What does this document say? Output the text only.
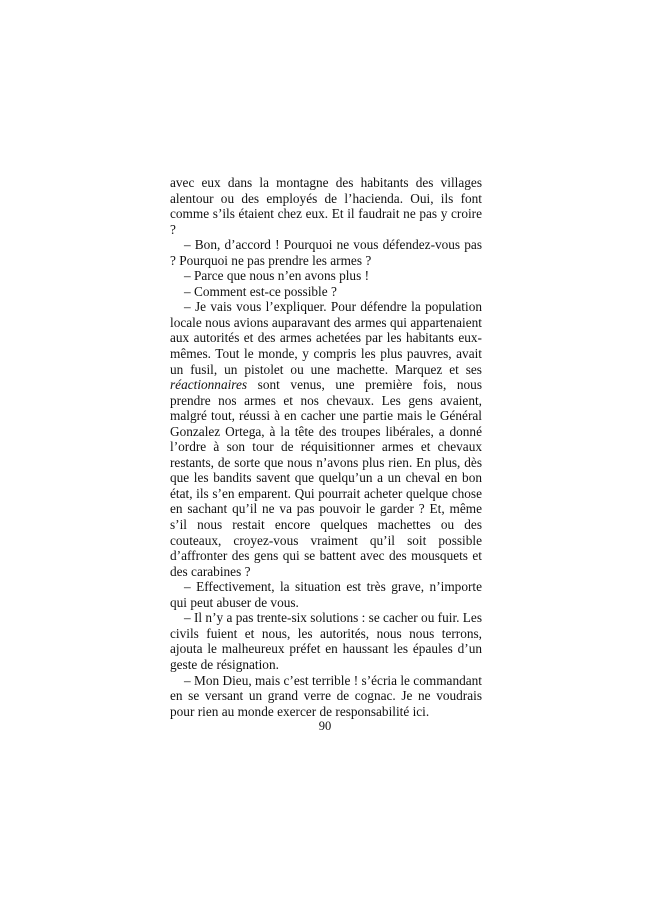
avec eux dans la montagne des habitants des villages alentour ou des employés de l’hacienda. Oui, ils font comme s’ils étaient chez eux. Et il faudrait ne pas y croire ?

– Bon, d’accord ! Pourquoi ne vous défendez-vous pas ? Pourquoi ne pas prendre les armes ?

– Parce que nous n’en avons plus !

– Comment est-ce possible ?

– Je vais vous l’expliquer. Pour défendre la population locale nous avions auparavant des armes qui appartenaient aux autorités et des armes achetées par les habitants eux-mêmes. Tout le monde, y compris les plus pauvres, avait un fusil, un pistolet ou une machette. Marquez et ses réactionnaires sont venus, une première fois, nous prendre nos armes et nos chevaux. Les gens avaient, malgré tout, réussi à en cacher une partie mais le Général Gonzalez Ortega, à la tête des troupes libérales, a donné l’ordre à son tour de réquisitionner armes et chevaux restants, de sorte que nous n’avons plus rien. En plus, dès que les bandits savent que quelqu’un a un cheval en bon état, ils s’en emparent. Qui pourrait acheter quelque chose en sachant qu’il ne va pas pouvoir le garder ? Et, même s’il nous restait encore quelques machettes ou des couteaux, croyez-vous vraiment qu’il soit possible d’affronter des gens qui se battent avec des mousquets et des carabines ?

– Effectivement, la situation est très grave, n’importe qui peut abuser de vous.

– Il n’y a pas trente-six solutions : se cacher ou fuir. Les civils fuient et nous, les autorités, nous nous terrons, ajouta le malheureux préfet en haussant les épaules d’un geste de résignation.

– Mon Dieu, mais c’est terrible ! s’écria le commandant en se versant un grand verre de cognac. Je ne voudrais pour rien au monde exercer de responsabilité ici.

90
